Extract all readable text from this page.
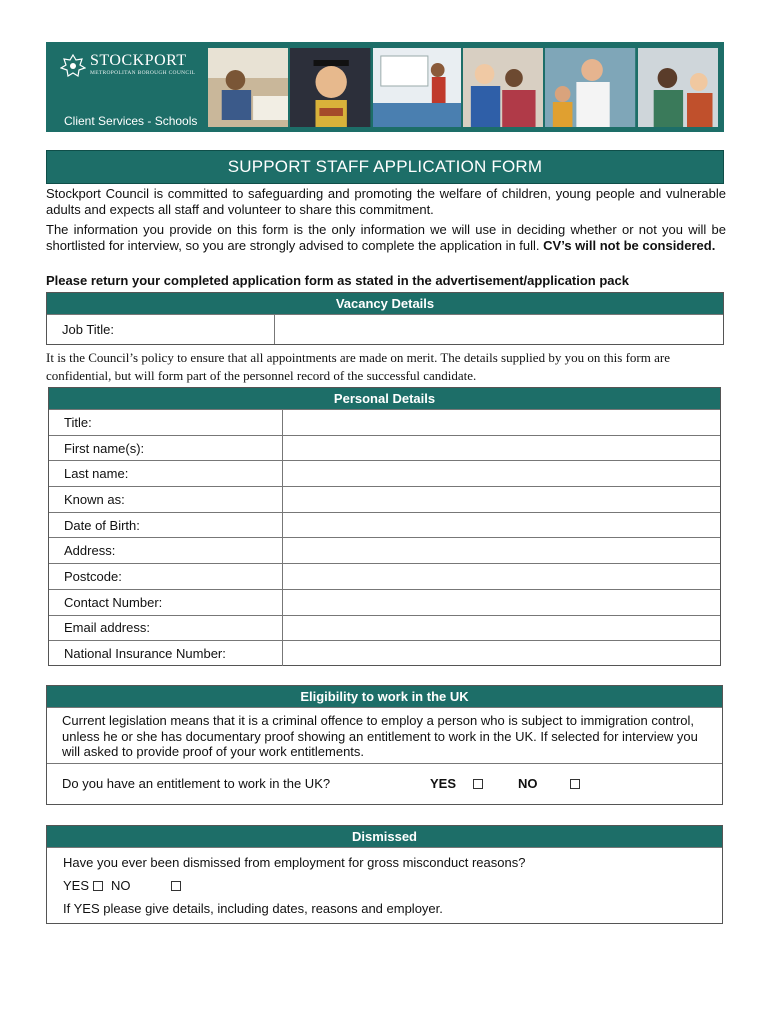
STOCKPORT
METROPOLITAN BOROUGH COUNCIL
Client Services - Schools
SUPPORT STAFF APPLICATION FORM

Stockport Council is committed to safeguarding and promoting the welfare of children, young people and vulnerable adults and expects all staff and volunteer to share this commitment.

The information you provide on this form is the only information we will use in deciding whether or not you will be shortlisted for interview, so you are strongly advised to complete the application in full. CV’s will not be considered.

Please return your completed application form as stated in the advertisement/application pack

Vacancy Details
Job Title:

It is the Council’s policy to ensure that all appointments are made on merit. The details supplied by you on this form are confidential, but will form part of the personnel record of the successful candidate.

Personal Details
Title:
First name(s):
Last name:
Known as:
Date of Birth:
Address:
Postcode:
Contact Number:
Email address:
National Insurance Number:
Eligibility to work in the UK
Current legislation means that it is a criminal offence to employ a person who is subject to immigration control, unless he or she has documentary proof showing an entitlement to work in the UK. If selected for interview you will asked to provide proof of your work entitlements.
Do you have an entitlement to work in the UK?	YES	NO
Dismissed
Have you ever been dismissed from employment for gross misconduct reasons?
YES NO
If YES please give details, including dates, reasons and employer.
